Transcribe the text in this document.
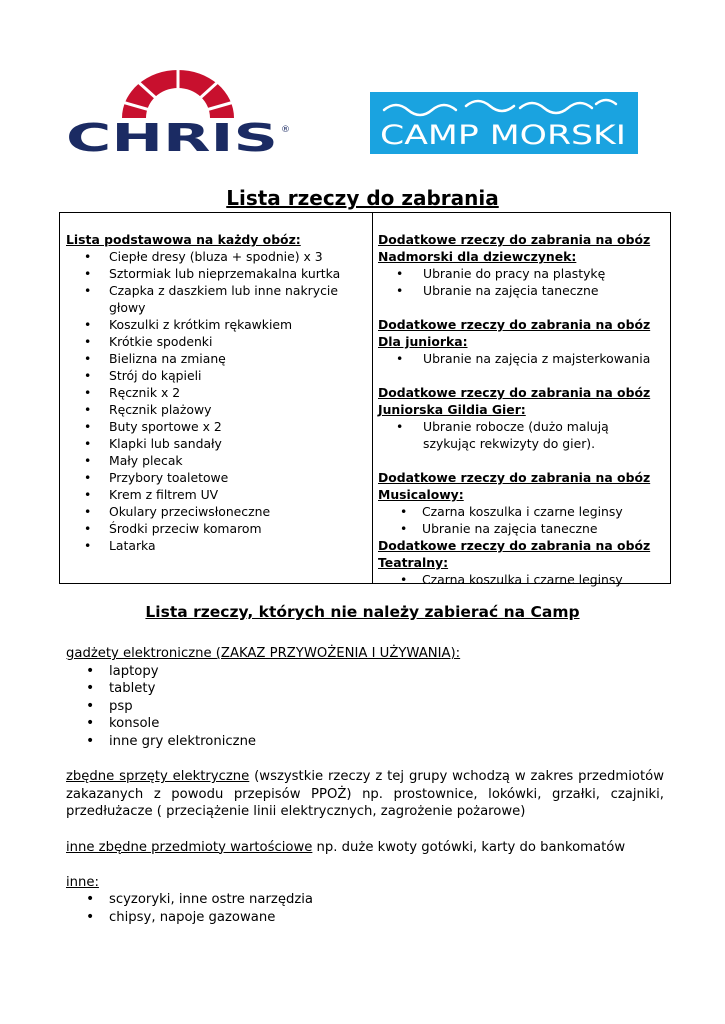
CHRIS ®	CAMP MORSKI
Lista rzeczy do zabrania
Lista podstawowa na każdy obóz:
• Ciepłe dresy (bluza + spodnie) x 3
• Sztormiak lub nieprzemakalna kurtka
• Czapka z daszkiem lub inne nakrycie głowy
• Koszulki z krótkim rękawkiem
• Krótkie spodenki
• Bielizna na zmianę
• Strój do kąpieli
• Ręcznik x 2
• Ręcznik plażowy
• Buty sportowe x 2
• Klapki lub sandały
• Mały plecak
• Przybory toaletowe
• Krem z filtrem UV
• Okulary przeciwsłoneczne
• Środki przeciw komarom
• Latarka
Dodatkowe rzeczy do zabrania na obóz
Nadmorski dla dziewczynek:
• Ubranie do pracy na plastykę
• Ubranie na zajęcia taneczne
Dodatkowe rzeczy do zabrania na obóz
Dla juniorka:
• Ubranie na zajęcia z majsterkowania
Dodatkowe rzeczy do zabrania na obóz
Juniorska Gildia Gier:
• Ubranie robocze (dużo malują szykując rekwizyty do gier).
Dodatkowe rzeczy do zabrania na obóz
Musicalowy:
• Czarna koszulka i czarne leginsy
• Ubranie na zajęcia taneczne
Dodatkowe rzeczy do zabrania na obóz
Teatralny:
• Czarna koszulka i czarne leginsy
Lista rzeczy, których nie należy zabierać na Camp
gadżety elektroniczne (ZAKAZ PRZYWOŻENIA I UŻYWANIA):
• laptopy
• tablety
• psp
• konsole
• inne gry elektroniczne
zbędne sprzęty elektryczne (wszystkie rzeczy z tej grupy wchodzą w zakres przedmiotów zakazanych z powodu przepisów PPOŻ) np. prostownice, lokówki, grzałki, czajniki, przedłużacze ( przeciążenie linii elektrycznych, zagrożenie pożarowe)
inne zbędne przedmioty wartościowe np. duże kwoty gotówki, karty do bankomatów
inne:
• scyzoryki, inne ostre narzędzia
• chipsy, napoje gazowane
